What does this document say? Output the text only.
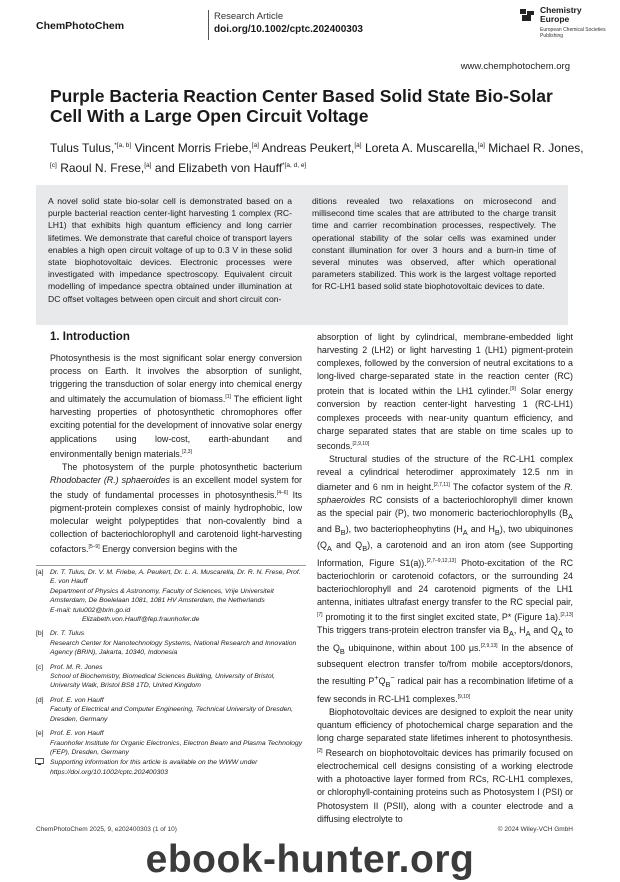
ChemPhotoChem
Research Article
doi.org/10.1002/cptc.202400303
Chemistry Europe
European Chemical Societies Publishing
www.chemphotochem.org
Purple Bacteria Reaction Center Based Solid State Bio-Solar Cell With a Large Open Circuit Voltage
Tulus Tulus,$^{*[a, b]}$ Vincent Morris Friebe,[a] Andreas Peukert,[a] Loreta A. Muscarella,[a] Michael R. Jones,[c] Raoul N. Frese,[a] and Elizabeth von Hauff$^{*[a, d, e]}$
A novel solid state bio-solar cell is demonstrated based on a purple bacterial reaction center-light harvesting 1 complex (RC-LH1) that exhibits high quantum efficiency and long carrier lifetimes. We demonstrate that careful choice of transport layers enables a high open circuit voltage of up to 0.3 V in these solid state biophotovoltaic devices. Electronic processes were investigated with impedance spectroscopy. Equivalent circuit modelling of impedance spectra obtained under illumination at DC offset voltages between open circuit and short circuit con-
ditions revealed two relaxations on microsecond and millisecond time scales that are attributed to the charge transit time and carrier recombination processes, respectively. The operational stability of the solar cells was examined under constant illumination for over 3 hours and a burn-in time of several minutes was observed, after which operational parameters stabilized. This work is the largest voltage reported for RC-LH1 based solid state biophotovoltaic devices to date.
1. Introduction

Photosynthesis is the most significant solar energy conversion process on Earth. It involves the absorption of sunlight, triggering the transduction of solar energy into chemical energy and ultimately the accumulation of biomass.[1] The efficient light harvesting properties of photosynthetic chromophores offer exciting potential for the development of innovative solar energy applications using low-cost, earth-abundant and environmentally benign materials.[2,3]

The photosystem of the purple photosynthetic bacterium Rhodobacter (R.) sphaeroides is an excellent model system for the study of fundamental processes in photosynthesis.[4–6] Its pigment-protein complexes consist of mainly hydrophobic, low molecular weight polypeptides that non-covalently bind a collection of bacteriochlorophyll and carotenoid light-harvesting cofactors.[5–9] Energy conversion begins with the

absorption of light by cylindrical, membrane-embedded light harvesting 2 (LH2) or light harvesting 1 (LH1) pigment-protein complexes, followed by the conversion of neutral excitations to a long-lived charge-separated state in the reaction center (RC) protein that is located within the LH1 cylinder.[9] Solar energy conversion by reaction center-light harvesting 1 (RC-LH1) complexes proceeds with near-unity quantum efficiency, and charge separated states that are stable on time scales up to seconds.[2,9,10]

Structural studies of the structure of the RC-LH1 complex reveal a cylindrical heterodimer approximately 12.5 nm in diameter and 6 nm in height.[2,7,11] The cofactor system of the R. sphaeroides RC consists of a bacteriochlorophyll dimer known as the special pair (P), two monomeric bacteriochlorophylls ($B_A$ and $B_B$), two bacteriopheophytins ($H_A$ and $H_B$), two ubiquinones ($Q_A$ and $Q_B$), a carotenoid and an iron atom (see Supporting Information, Figure S1(a)).[2,7–9,12,13] Photo-excitation of the RC bacteriochlorin or carotenoid cofactors, or the surrounding 24 bacteriochlorophyll and 24 carotenoid pigments of the LH1 antenna, initiates ultrafast energy transfer to the RC special pair,[7] promoting it to the first singlet excited state, P* (Figure 1a).[2,13] This triggers trans-protein electron transfer via $B_A$, $H_A$ and $Q_A$ to the $Q_B$ ubiquinone, within about 100 μs.[2,9,13] In the absence of subsequent electron transfer to/from mobile acceptors/donors, the resulting $P^+Q_B^-$ radical pair has a recombination lifetime of a few seconds in RC-LH1 complexes.[9,10]

Biophotovoltaic devices are designed to exploit the near unity quantum efficiency of photochemical charge separation and the long charge separated state lifetimes inherent to photosynthesis.[2] Research on biophotovoltaic devices has primarily focused on electrochemical cell designs consisting of a working electrode with a photoactive layer formed from RCs, RC-LH1 complexes, or chlorophyll-containing proteins such as Photosystem I (PSI) or Photosystem II (PSII), along with a counter electrode and a diffusing electrolyte to

[a] Dr. T. Tulus, Dr. V. M. Friebe, A. Peukert, Dr. L. A. Muscarella, Dr. R. N. Frese, Prof. E. von Hauff
Department of Physics & Astronomy, Faculty of Sciences, Vrije Universiteit Amsterdam, De Boelelaan 1081, 1081 HV Amsterdam, the Netherlands
E-mail: tulu002@brin.go.id
Elizabeth.von.Hauff@fep.fraunhofer.de
[b] Dr. T. Tulus
Research Center for Nanotechnology Systems, National Research and Innovation Agency (BRIN), Jakarta, 10340, Indonesia
[c] Prof. M. R. Jones
School of Biochemistry, Biomedical Sciences Building, University of Bristol, University Walk, Bristol BS8 1TD, United Kingdom
[d] Prof. E. von Hauff
Faculty of Electrical and Computer Engineering, Technical University of Dresden, Dresden, Germany
[e] Prof. E. von Hauff
Fraunhofer Institute for Organic Electronics, Electron Beam and Plasma Technology (FEP), Dresden, Germany
Supporting information for this article is available on the WWW under https://doi.org/10.1002/cptc.202400303
ChemPhotoChem 2025, 9, e202400303 (1 of 10)	© 2024 Wiley-VCH GmbH
ebook-hunter.org
